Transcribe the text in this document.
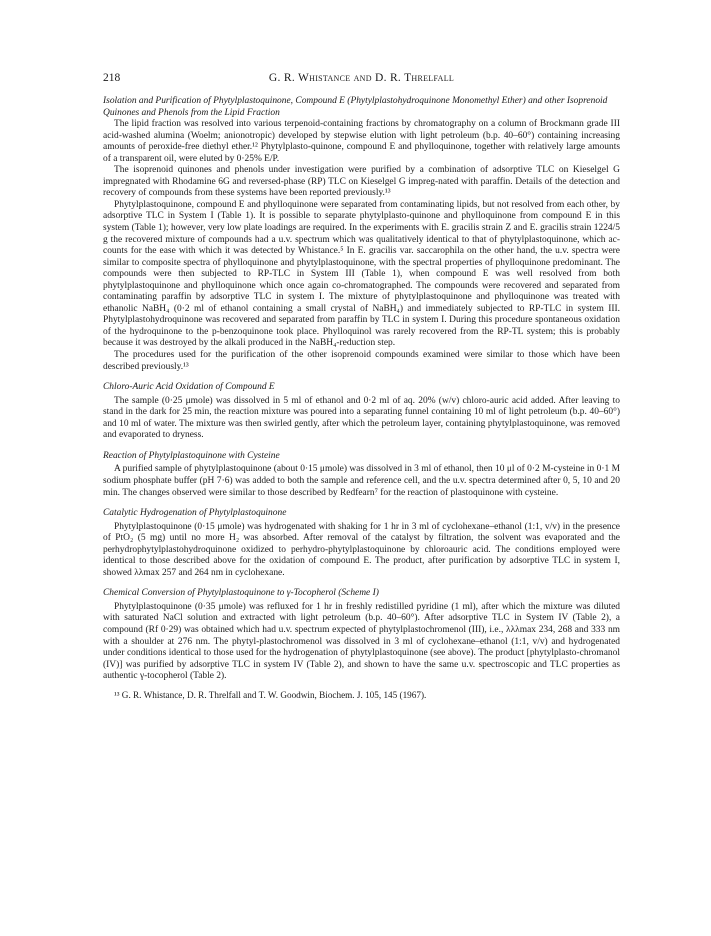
218	G. R. Whistance and D. R. Threlfall

Isolation and Purification of Phytylplastoquinone, Compound E (Phytylplastohydroquinone Monomethyl Ether) and other Isoprenoid Quinones and Phenols from the Lipid Fraction

The lipid fraction was resolved into various terpenoid-containing fractions by chromatography on a column of Brockmann grade III acid-washed alumina (Woelm; anionotropic) developed by stepwise elution with light petroleum (b.p. 40–60°) containing increasing amounts of peroxide-free diethyl ether.¹² Phytylplasto-quinone, compound E and phylloquinone, together with relatively large amounts of a transparent oil, were eluted by 0·25% E/P.

The isoprenoid quinones and phenols under investigation were purified by a combination of adsorptive TLC on Kieselgel G impregnated with Rhodamine 6G and reversed-phase (RP) TLC on Kieselgel G impreg-nated with paraffin. Details of the detection and recovery of compounds from these systems have been reported previously.¹³

Phytylplastoquinone, compound E and phylloquinone were separated from contaminating lipids, but not resolved from each other, by adsorptive TLC in System I (Table 1). It is possible to separate phytylplasto-quinone and phylloquinone from compound E in this system (Table 1); however, very low plate loadings are required. In the experiments with E. gracilis strain Z and E. gracilis strain 1224/5 g the recovered mixture of compounds had a u.v. spectrum which was qualitatively identical to that of phytylplastoquinone, which ac-counts for the ease with which it was detected by Whistance.⁵ In E. gracilis var. saccarophila on the other hand, the u.v. spectra were similar to composite spectra of phylloquinone and phytylplastoquinone, with the spectral properties of phylloquinone predominant. The compounds were then subjected to RP-TLC in System III (Table 1), when compound E was well resolved from both phytylplastoquinone and phylloquinone which once again co-chromatographed. The compounds were recovered and separated from contaminating paraffin by adsorptive TLC in system I. The mixture of phytylplastoquinone and phylloquinone was treated with ethanolic NaBH₄ (0·2 ml of ethanol containing a small crystal of NaBH₄) and immediately subjected to RP-TLC in system III. Phytylplastohydroquinone was recovered and separated from paraffin by TLC in system I. During this procedure spontaneous oxidation of the hydroquinone to the p-benzoquinone took place. Phylloquinol was rarely recovered from the RP-TL system; this is probably because it was destroyed by the alkali produced in the NaBH₄-reduction step.

The procedures used for the purification of the other isoprenoid compounds examined were similar to those which have been described previously.¹³

Chloro-Auric Acid Oxidation of Compound E

The sample (0·25 μmole) was dissolved in 5 ml of ethanol and 0·2 ml of aq. 20% (w/v) chloro-auric acid added. After leaving to stand in the dark for 25 min, the reaction mixture was poured into a separating funnel containing 10 ml of light petroleum (b.p. 40–60°) and 10 ml of water. The mixture was then swirled gently, after which the petroleum layer, containing phytylplastoquinone, was removed and evaporated to dryness.

Reaction of Phytylplastoquinone with Cysteine

A purified sample of phytylplastoquinone (about 0·15 μmole) was dissolved in 3 ml of ethanol, then 10 μl of 0·2 M-cysteine in 0·1 M sodium phosphate buffer (pH 7·6) was added to both the sample and reference cell, and the u.v. spectra determined after 0, 5, 10 and 20 min. The changes observed were similar to those described by Redfearn⁷ for the reaction of plastoquinone with cysteine.

Catalytic Hydrogenation of Phytylplastoquinone

Phytylplastoquinone (0·15 μmole) was hydrogenated with shaking for 1 hr in 3 ml of cyclohexane–ethanol (1:1, v/v) in the presence of PtO₂ (5 mg) until no more H₂ was absorbed. After removal of the catalyst by filtration, the solvent was evaporated and the perhydrophytylplastohydroquinone oxidized to perhydro-phytylplastoquinone by chloroauric acid. The conditions employed were identical to those described above for the oxidation of compound E. The product, after purification by adsorptive TLC in system I, showed λλmax 257 and 264 nm in cyclohexane.

Chemical Conversion of Phytylplastoquinone to γ-Tocopherol (Scheme I)

Phytylplastoquinone (0·35 μmole) was refluxed for 1 hr in freshly redistilled pyridine (1 ml), after which the mixture was diluted with saturated NaCl solution and extracted with light petroleum (b.p. 40–60°). After adsorptive TLC in System IV (Table 2), a compound (Rf 0·29) was obtained which had u.v. spectrum expected of phytylplastochromenol (III), i.e., λλλmax 234, 268 and 333 nm with a shoulder at 276 nm. The phytyl-plastochromenol was dissolved in 3 ml of cyclohexane–ethanol (1:1, v/v) and hydrogenated under conditions identical to those used for the hydrogenation of phytylplastoquinone (see above). The product [phytylplasto-chromanol (IV)] was purified by adsorptive TLC in system IV (Table 2), and shown to have the same u.v. spectroscopic and TLC properties as authentic γ-tocopherol (Table 2).

¹³ G. R. Whistance, D. R. Threlfall and T. W. Goodwin, Biochem. J. 105, 145 (1967).
